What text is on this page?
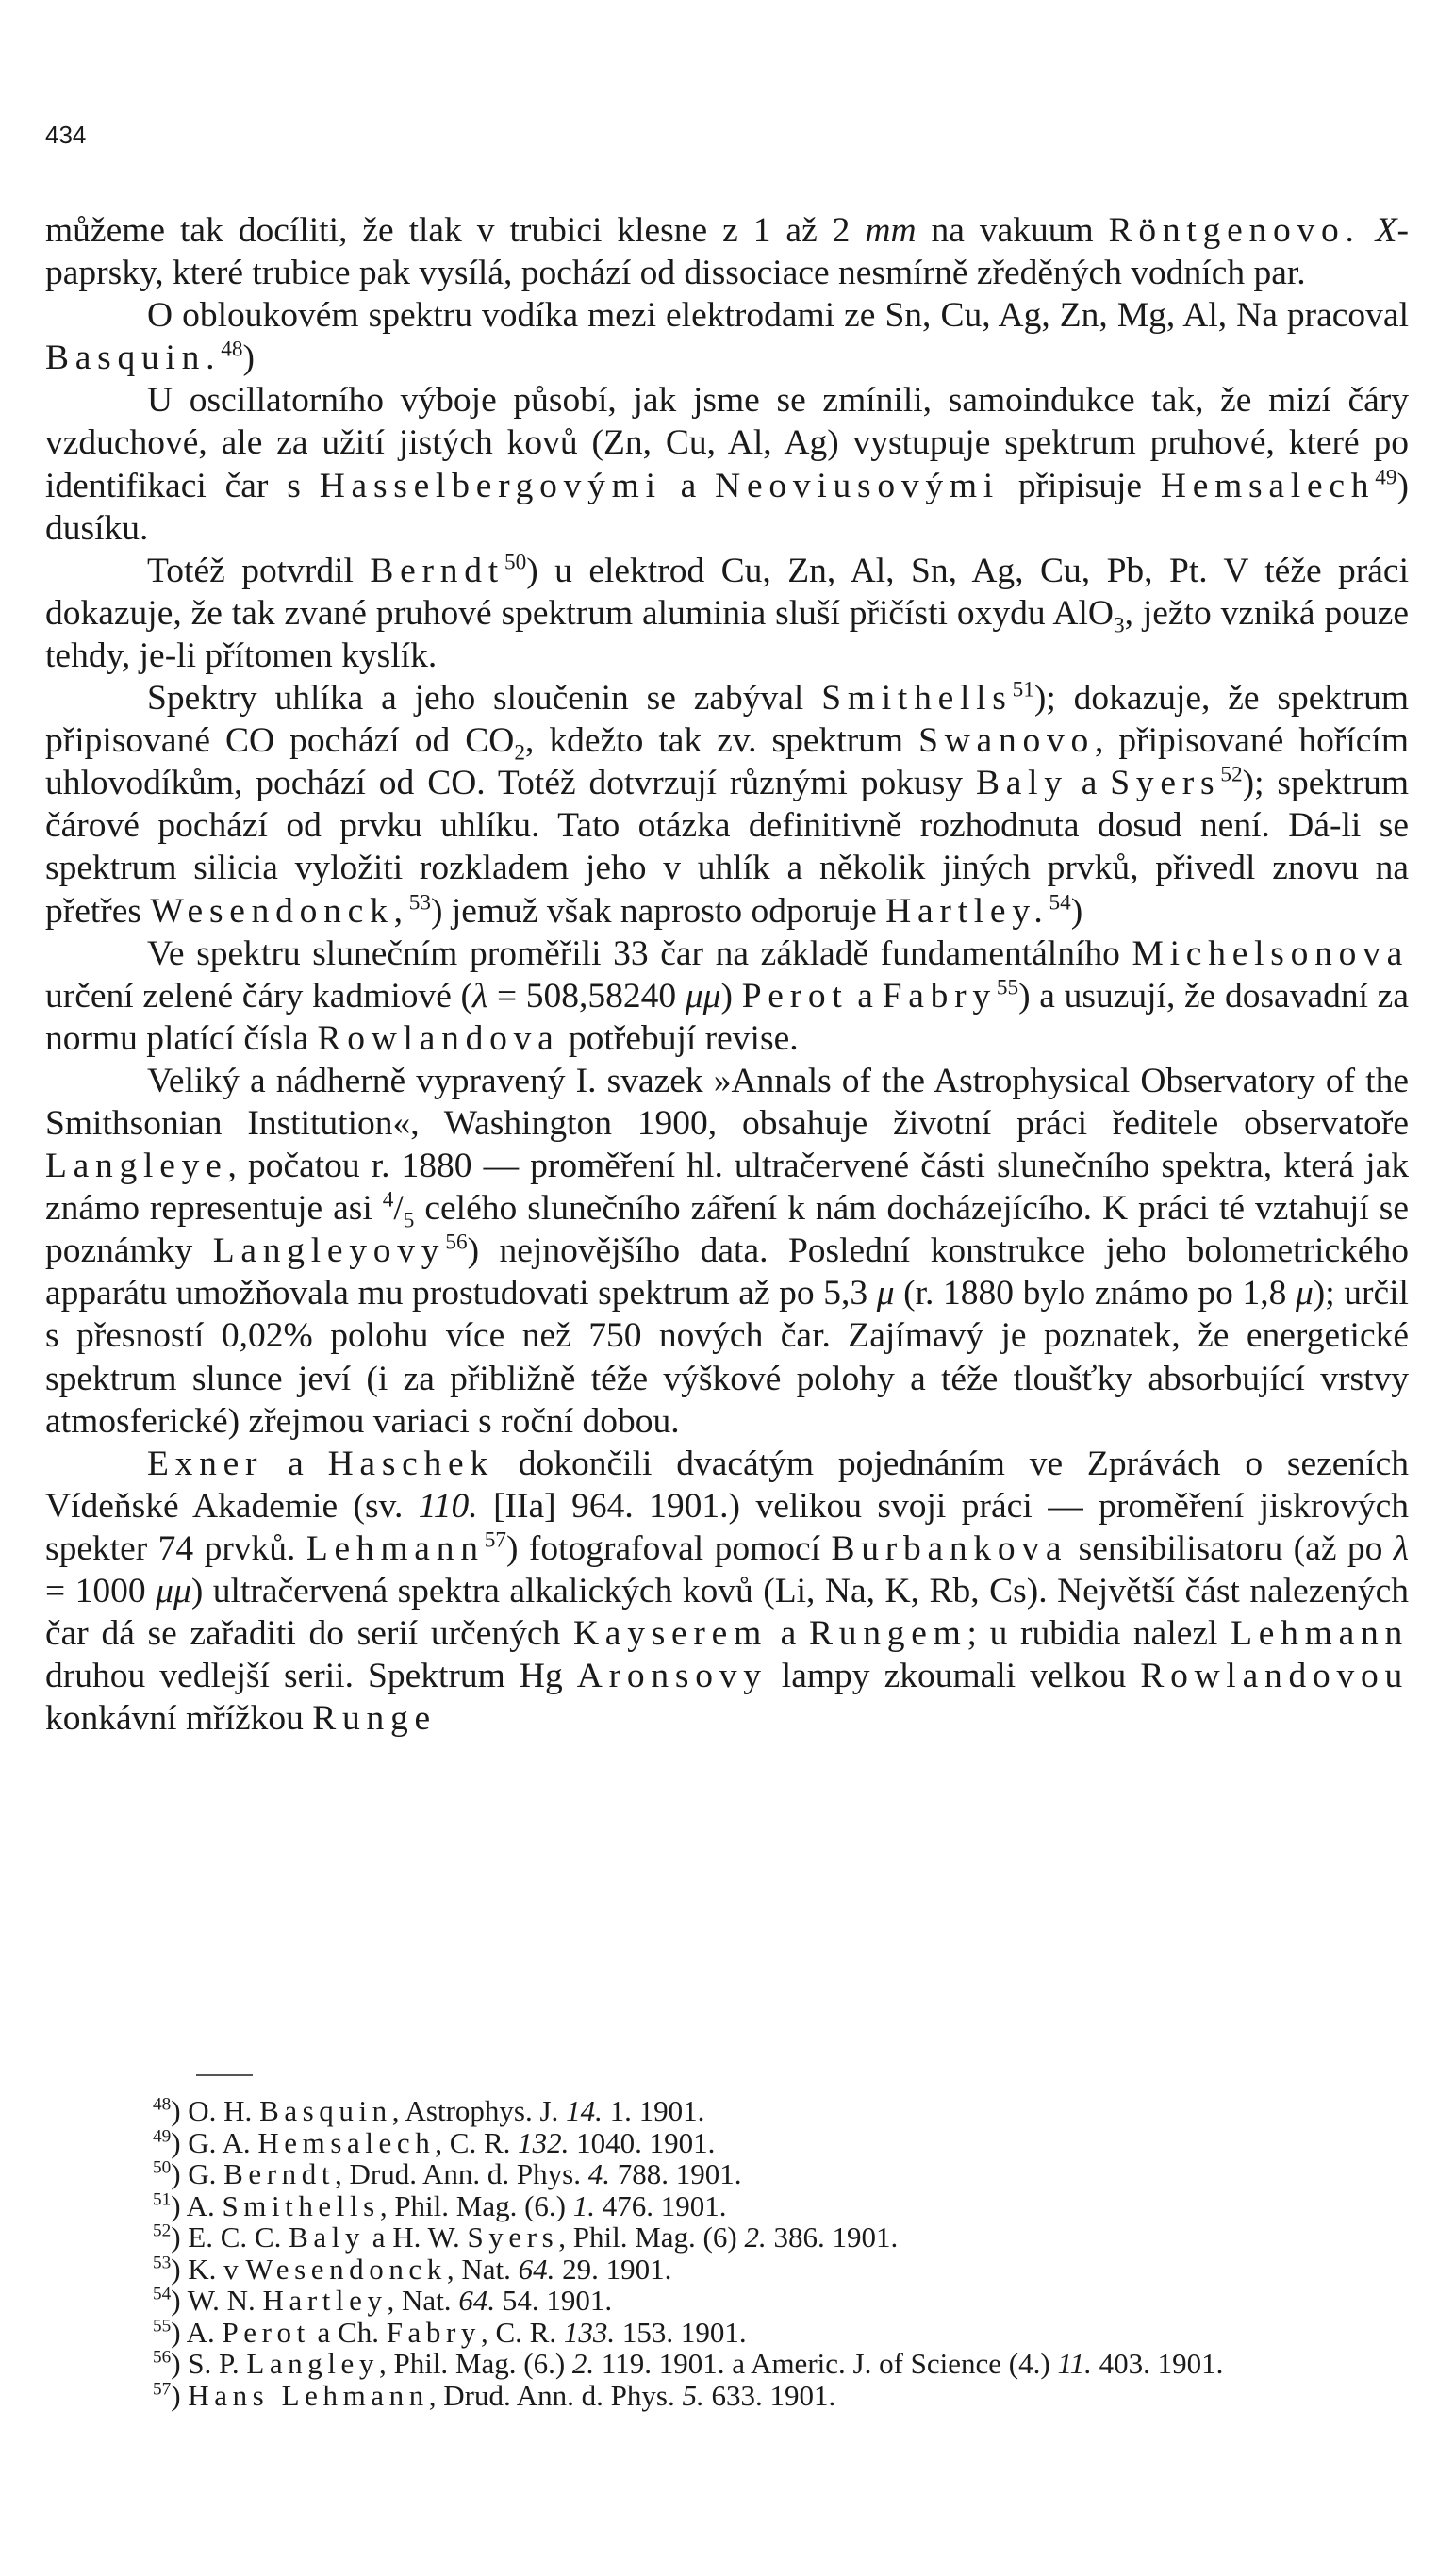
434

můžeme tak docíliti, že tlak v trubici klesne z 1 až 2 mm na vakuum Röntgenovo. X-paprsky, které trubice pak vysílá, pochází od dissociace nesmírně zředěných vodních par.

O obloukovém spektru vodíka mezi elektrodami ze Sn, Cu, Ag, Zn, Mg, Al, Na pracoval Basquin.$^{48}$)

U oscillatorního výboje působí, jak jsme se zmínili, samoindukce tak, že mizí čáry vzduchové, ale za užití jistých kovů (Zn, Cu, Al, Ag) vystupuje spektrum pruhové, které po identifikaci čar s Hasselbergovými a Neoviusovými připisuje Hemsalech$^{49}$) dusíku.

Totéž potvrdil Berndt$^{50}$) u elektrod Cu, Zn, Al, Sn, Ag, Cu, Pb, Pt. V téže práci dokazuje, že tak zvané pruhové spektrum aluminia sluší přičísti oxydu AlO$_3$, ježto vzniká pouze tehdy, je-li přítomen kyslík.

Spektry uhlíka a jeho sloučenin se zabýval Smithells$^{51}$); dokazuje, že spektrum připisované CO pochází od $CO_2$, kdežto tak zv. spektrum Swanovo, připisované hořícím uhlovodíkům, pochází od CO. Totéž dotvrzují různými pokusy Baly a Syers$^{52}$); spektrum čárové pochází od prvku uhlíku. Tato otázka definitivně rozhodnuta dosud není. Dá-li se spektrum silicia vyložiti rozkladem jeho v uhlík a několik jiných prvků, přivedl znovu na přetřes Wesendonck,$^{53}$) jemuž však naprosto odporuje Hartley.$^{54}$)

Ve spektru slunečním proměřili 33 čar na základě fundamentálního Michelsonova určení zelené čáry kadmiové (λ = 508,58240 μμ) Perot a Fabry$^{55}$) a usuzují, že dosavadní za normu platící čísla Rowlandova potřebují revise.

Veliký a nádherně vypravený I. svazek »Annals of the Astrophysical Observatory of the Smithsonian Institution«, Washington 1900, obsahuje životní práci ředitele observatoře Langleye, počatou r. 1880 — proměření hl. ultračervené části slunečního spektra, která jak známo representuje asi $^4/_5$ celého slunečního záření k nám docházejícího. K práci té vztahují se poznámky Langleyovy$^{56}$) nejnovějšího data. Poslední konstrukce jeho bolometrického apparátu umožňovala mu prostudovati spektrum až po 5,3 μ (r. 1880 bylo známo po 1,8 μ); určil s přesností 0,02% polohu více než 750 nových čar. Zajímavý je poznatek, že energetické spektrum slunce jeví (i za přibližně téže výškové polohy a téže tloušťky absorbující vrstvy atmosferické) zřejmou variaci s roční dobou.

Exner a Haschek dokončili dvacátým pojednáním ve Zprávách o sezeních Vídeňské Akademie (sv. 110. [IIa] 964. 1901.) velikou svoji práci — proměření jiskrových spekter 74 prvků. Lehmann$^{57}$) fotografoval pomocí Burbankova sensibilisatoru (až po λ = 1000 μμ) ultračervená spektra alkalických kovů (Li, Na, K, Rb, Cs). Největší část nalezených čar dá se zařaditi do serií určených Kayserem a Rungem; u rubidia nalezl Lehmann druhou vedlejší serii. Spektrum Hg Aronsovy lampy zkoumali velkou Rowlandovou konkávní mřížkou Runge

$^{48}$) O. H. Basquin, Astrophys. J. 14. 1. 1901.

$^{49}$) G. A. Hemsalech, C. R. 132. 1040. 1901.

$^{50}$) G. Berndt, Drud. Ann. d. Phys. 4. 788. 1901.

$^{51}$) A. Smithells, Phil. Mag. (6.) 1. 476. 1901.

$^{52}$) E. C. C. Baly a H. W. Syers, Phil. Mag. (6) 2. 386. 1901.

$^{53}$) K. v Wesendonck, Nat. 64. 29. 1901.

$^{54}$) W. N. Hartley, Nat. 64. 54. 1901.

$^{55}$) A. Perot a Ch. Fabry, C. R. 133. 153. 1901.

$^{56}$) S. P. Langley, Phil. Mag. (6.) 2. 119. 1901. a Americ. J. of Science (4.) 11. 403. 1901.

$^{57}$) Hans Lehmann, Drud. Ann. d. Phys. 5. 633. 1901.
